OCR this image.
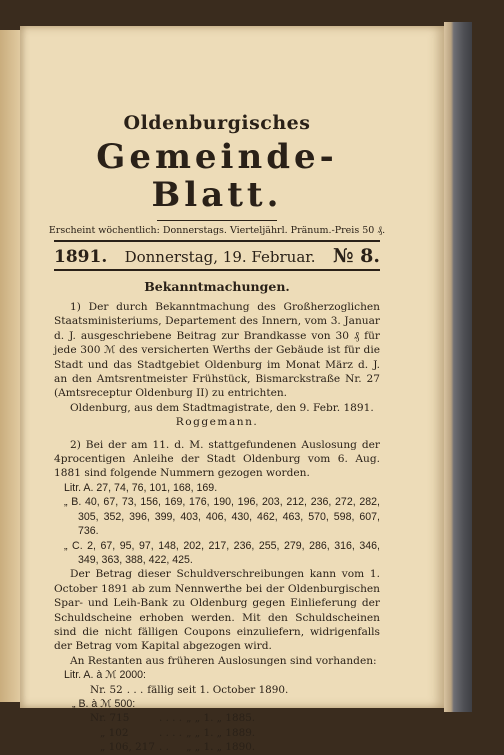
Oldenburgisches
Gemeinde-Blatt.
Erscheint wöchentlich: Donnerstags. Vierteljährl. Pränum.-Preis 50 ₰.
1891. Donnerstag, 19. Februar. № 8.
Bekanntmachungen.

1) Der durch Bekanntmachung des Großherzoglichen Staatsministeriums, Departement des Innern, vom 3. Januar d. J. ausgeschriebene Beitrag zur Brandkasse von 30 ₰ für jede 300 ℳ des versicherten Werths der Gebäude ist für die Stadt und das Stadtgebiet Oldenburg im Monat März d. J. an den Amtsrentmeister Frühstück, Bismarckstraße Nr. 27 (Amtsreceptur Oldenburg II) zu entrichten.

Oldenburg, aus dem Stadtmagistrate, den 9. Febr. 1891.

Roggemann.

2) Bei der am 11. d. M. stattgefundenen Auslosung der 4procentigen Anleihe der Stadt Oldenburg vom 6. Aug. 1881 sind folgende Nummern gezogen worden.

Litr. A. 27, 74, 76, 101, 168, 169.

„ B. 40, 67, 73, 156, 169, 176, 190, 196, 203, 212, 236, 272, 282, 305, 352, 396, 399, 403, 406, 430, 462, 463, 570, 598, 607, 736.

„ C. 2, 67, 95, 97, 148, 202, 217, 236, 255, 279, 286, 316, 346, 349, 363, 388, 422, 425.

Der Betrag dieser Schuldverschreibungen kann vom 1. October 1891 ab zum Nennwerthe bei der Oldenburgischen Spar- und Leih-Bank zu Oldenburg gegen Einlieferung der Schuldscheine erhoben werden. Mit den Schuldscheinen sind die nicht fälligen Coupons einzuliefern, widrigenfalls der Betrag vom Kapital abgezogen wird.

An Restanten aus früheren Auslosungen sind vorhanden:

Litr. A. à ℳ 2000:

Nr. 52	. . .	fällig seit 1. October 1890.

„ B. à ℳ 500:

Nr. 715	. . . .	„ „ 1. „ 1885.
„ 102	. . . .	„ „ 1. „ 1889.
„ 106, 217	. .	„ „ 1. „ 1890.
